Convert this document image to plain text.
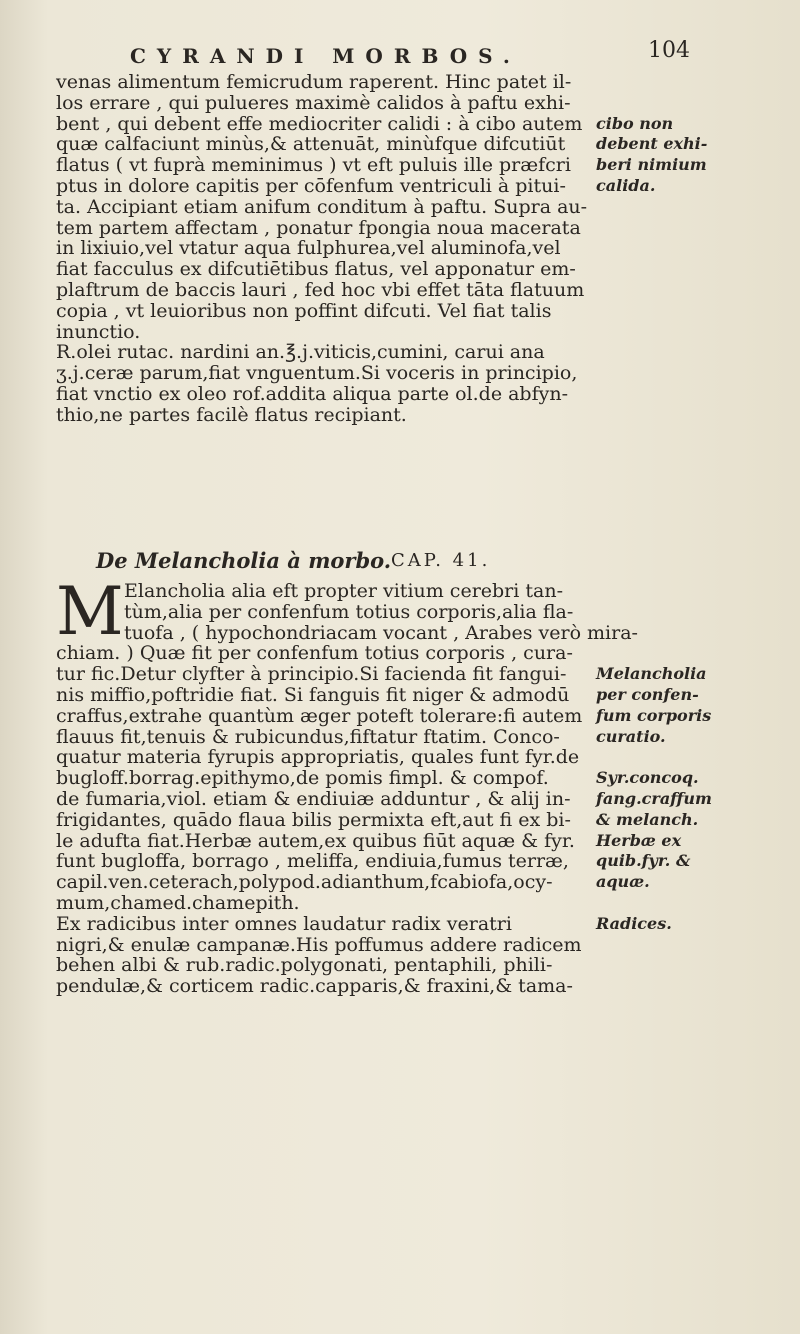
CYRANDI MORBOS.	104
venas alimentum femicrudum raperent. Hinc patet il-
los errare , qui pulueres maximè calidos à paftu exhi-
bent , qui debent effe mediocriter calidi : à cibo autem cibo non
quæ calfaciunt minùs,& attenuāt, minùfque difcutiūt debent exhi-
flatus ( vt fuprà meminimus ) vt eft puluis ille præfcri beri nimium
ptus in dolore capitis per cōfenfum ventriculi à pitui- calida.
ta. Accipiant etiam anifum conditum à paftu. Supra au-
tem partem affectam , ponatur fpongia noua macerata
in lixiuio,vel vtatur aqua fulphurea,vel aluminofa,vel
fiat facculus ex difcutiētibus flatus, vel apponatur em-
plaftrum de baccis lauri , fed hoc vbi effet tāta flatuum
copia , vt leuioribus non poffint difcuti. Vel fiat talis
inunctio.
R.olei rutac. nardini an.℥.j.viticis,cumini, carui ana
ʒ.j.ceræ parum,fiat vnguentum.Si voceris in principio,
fiat vnctio ex oleo rof.addita aliqua parte ol.de abfyn-
thio,ne partes facilè flatus recipiant.
De Melancholia à morbo. CAP. 41.
M Elancholia alia eft propter vitium cerebri tan-
tùm,alia per confenfum totius corporis,alia fla-
tuofa , ( hypochondriacam vocant , Arabes verò mira-
chiam. ) Quæ fit per confenfum totius corporis , cura-
tur fic.Detur clyfter à principio.Si facienda fit fangui- Melancholia
nis miffio,poftridie fiat. Si fanguis fit niger & admodū per confen-
craffus,extrahe quantùm æger poteft tolerare:fi autem fum corporis
flauus fit,tenuis & rubicundus,fiftatur ftatim. Conco- curatio.
quatur materia fyrupis appropriatis, quales funt fyr.de
bugloff.borrag.epithymo,de pomis fimpl. & compof.	Syr.concoq.
de fumaria,viol. etiam & endiuiæ adduntur , & alij in- fang.craffum
frigidantes, quādo flaua bilis permixta eft,aut fi ex bi- & melanch.
le adufta fiat.Herbæ autem,ex quibus fiūt aquæ & fyr. Herbæ ex
funt bugloffa, borrago , meliffa, endiuia,fumus terræ, quib.fyr. &
capil.ven.ceterach,polypod.adianthum,fcabiofa,ocy-	aquæ.
mum,chamed.chamepith.
Ex radicibus inter omnes laudatur radix veratri	Radices.
nigri,& enulæ campanæ.His poffumus addere radicem
behen albi & rub.radic.polygonati, pentaphili, phili-
pendulæ,& corticem radic.capparis,& fraxini,& tama-
